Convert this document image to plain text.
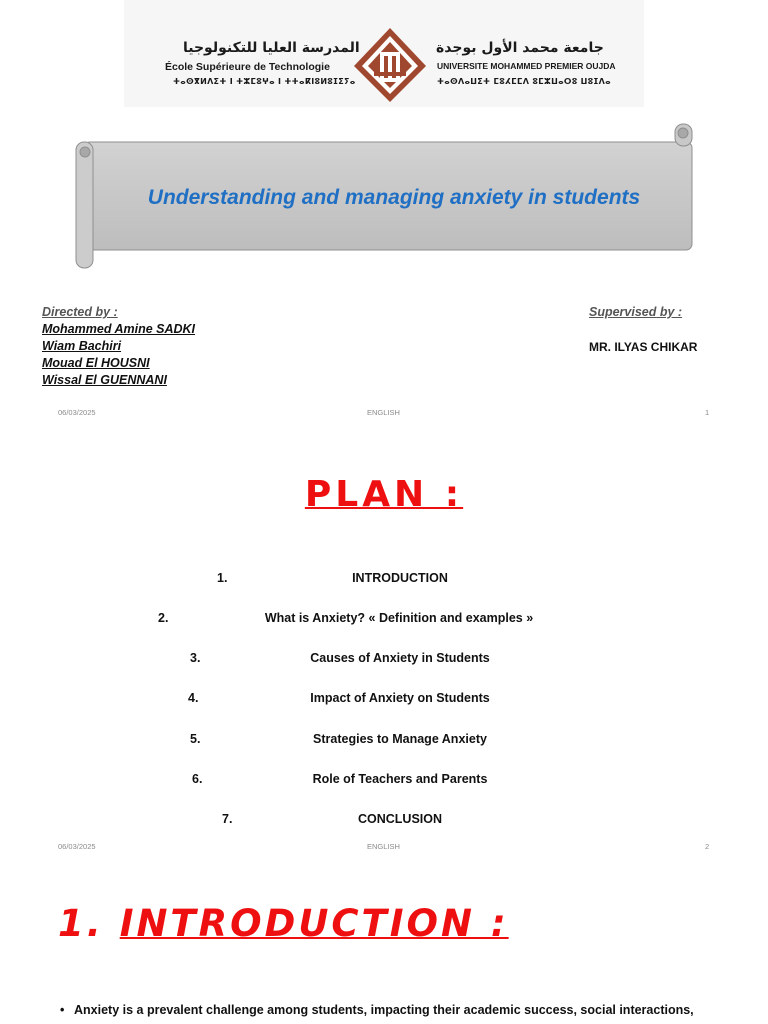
المدرسة العليا للتكنولوجيا
École Supérieure de Technologie
ⵜⴰⵙⴳⵍⴷⵉⵜ ⵏ ⵜⵣⵎⵓⵖⴰ ⵏ ⵜⵜⴰⴽⵏⵓⵍⵓⵊⵉⵢⴰ
جامعة محمد الأول بوجدة
UNIVERSITE MOHAMMED PREMIER OUJDA
ⵜⴰⵙⴷⴰⵡⵉⵜ ⵎⵓⵃⵎⵎⴷ ⵓⵎⵣⵡⴰⵔⵓ ⵡⵓⵊⴷⴰ
Understanding and managing anxiety in students
Directed by :
Mohammed Amine SADKI
Wiam Bachiri
Mouad El HOUSNI
Wissal El GUENNANI
Supervised by :
MR. ILYAS CHIKAR
06/03/2025	ENGLISH	1
PLAN :
1.	INTRODUCTION
2.	What is Anxiety? « Definition and examples »
3.	Causes of Anxiety in Students
4.	Impact of Anxiety on Students
5.	Strategies to Manage Anxiety
6.	Role of Teachers and Parents
7.	CONCLUSION
06/03/2025	ENGLISH	2
1. INTRODUCTION :
• Anxiety is a prevalent challenge among students, impacting their academic success, social interactions,
